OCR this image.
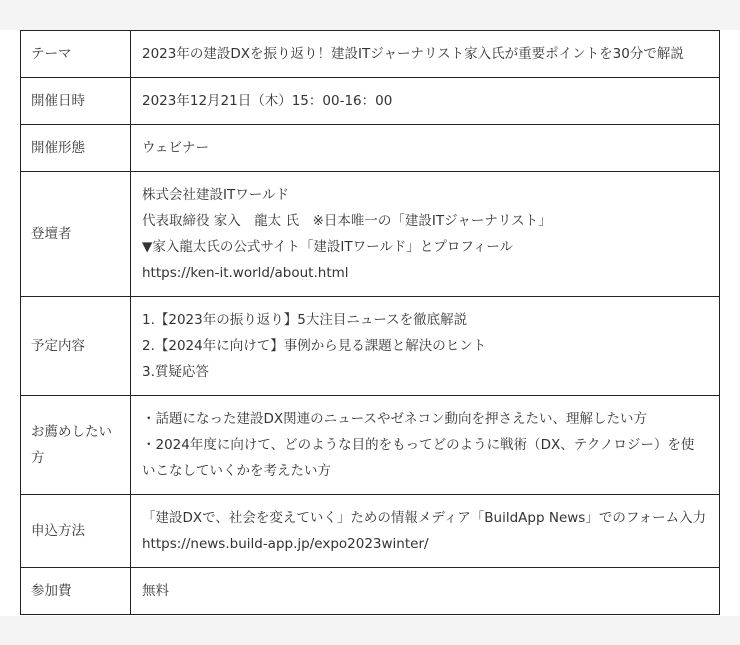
テーマ	2023年の建設DXを振り返り！建設ITジャーナリスト家入氏が重要ポイントを30分で解説

開催日時	2023年12月21日（木）15：00-16：00

開催形態	ウェビナー

登壇者	株式会社建設ITワールド
代表取締役 家入　龍太 氏　※日本唯一の「建設ITジャーナリスト」
▼家入龍太氏の公式サイト「建設ITワールド」とプロフィール
https://ken-it.world/about.html

予定内容	1.【2023年の振り返り】5大注目ニュースを徹底解説
2.【2024年に向けて】事例から見る課題と解決のヒント
3.質疑応答

お薦めしたい方	・話題になった建設DX関連のニュースやゼネコン動向を押さえたい、理解したい方
・2024年度に向けて、どのような目的をもってどのように戦術（DX、テクノロジー）を使
いこなしていくかを考えたい方

申込方法	「建設DXで、社会を変えていく」ための情報メディア「BuildApp News」でのフォーム入力
https://news.build-app.jp/expo2023winter/

参加費	無料
